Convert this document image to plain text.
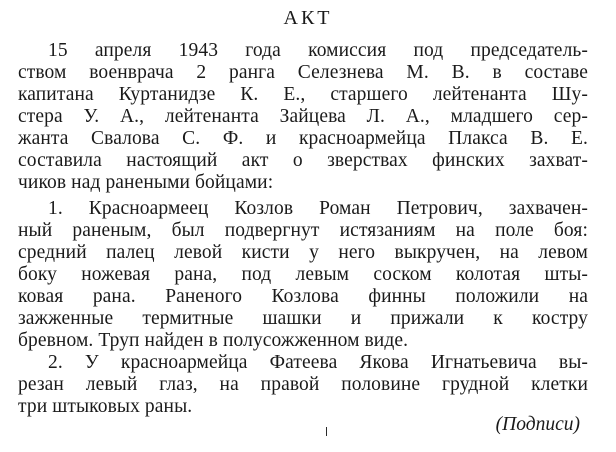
АКТ
15 апреля 1943 года комиссия под председатель-
ством военврача 2 ранга Селезнева М. В. в составе
капитана Куртанидзе К. Е., старшего лейтенанта Шу-
стера У. А., лейтенанта Зайцева Л. А., младшего сер-
жанта Свалова С. Ф. и красноармейца Плакса В. Е.
составила настоящий акт о зверствах финских захват-
чиков над ранеными бойцами:
1. Красноармеец Козлов Роман Петрович, захвачен-
ный раненым, был подвергнут истязаниям на поле боя:
средний палец левой кисти у него выкручен, на левом
боку ножевая рана, под левым соском колотая шты-
ковая рана. Раненого Козлова финны положили на
зажженные термитные шашки и прижали к костру
бревном. Труп найден в полусожженном виде.
2. У красноармейца Фатеева Якова Игнатьевича вы-
резан левый глаз, на правой половине грудной клетки
три штыковых раны.
(Подписи)
